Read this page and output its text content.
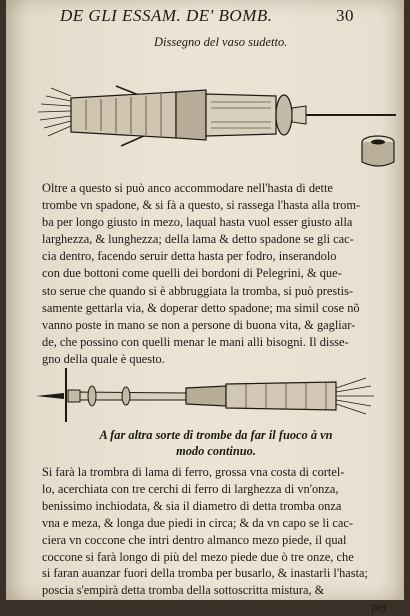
DE GLI ESSAM. DE' BOMB.	30
Dissegno del vaso sudetto.
Oltre a questo si può anco accommodare nell'hasta di dette
trombe vn spadone, & si fà a questo, si rassega l'hasta alla trom-
ba per longo giusto in mezo, laqual hasta vuol esser giusto alla
larghezza, & lunghezza; della lama & detto spadone se gli cac-
cia dentro, facendo seruir detta hasta per fodro, inserandolo
con due bottoni come quelli dei bordoni di Pelegrini, & que-
sto serue che quando si è abbruggiata la tromba, si può prestis-
samente gettarla via, & doperar detto spadone; ma simil cose nõ
vanno poste in mano se non a persone di buona vita, & gagliar-
de, che possino con quelli menar le mani alli bisogni. Il disse-
gno della quale è questo.
A far altra sorte di trombe da far il fuoco à vn
modo continuo.
Si farà la trombra di lama di ferro, grossa vna costa di cortel-
lo, acerchiata con tre cerchi di ferro di larghezza di vn'onza,
benissimo inchiodata, & sia il diametro di detta tromba onza
vna e meza, & longa due piedi in circa; & da vn capo se li cac-
ciera vn coccone che intri dentro almanco mezo piede, il qual
coccone si farà longo di più del mezo piede due ò tre onze, che
si faran auanzar fuori della tromba per busarlo, & inastarli l'hasta;
poscia s'empirà detta tromba della sottoscritta mistura, &
per
